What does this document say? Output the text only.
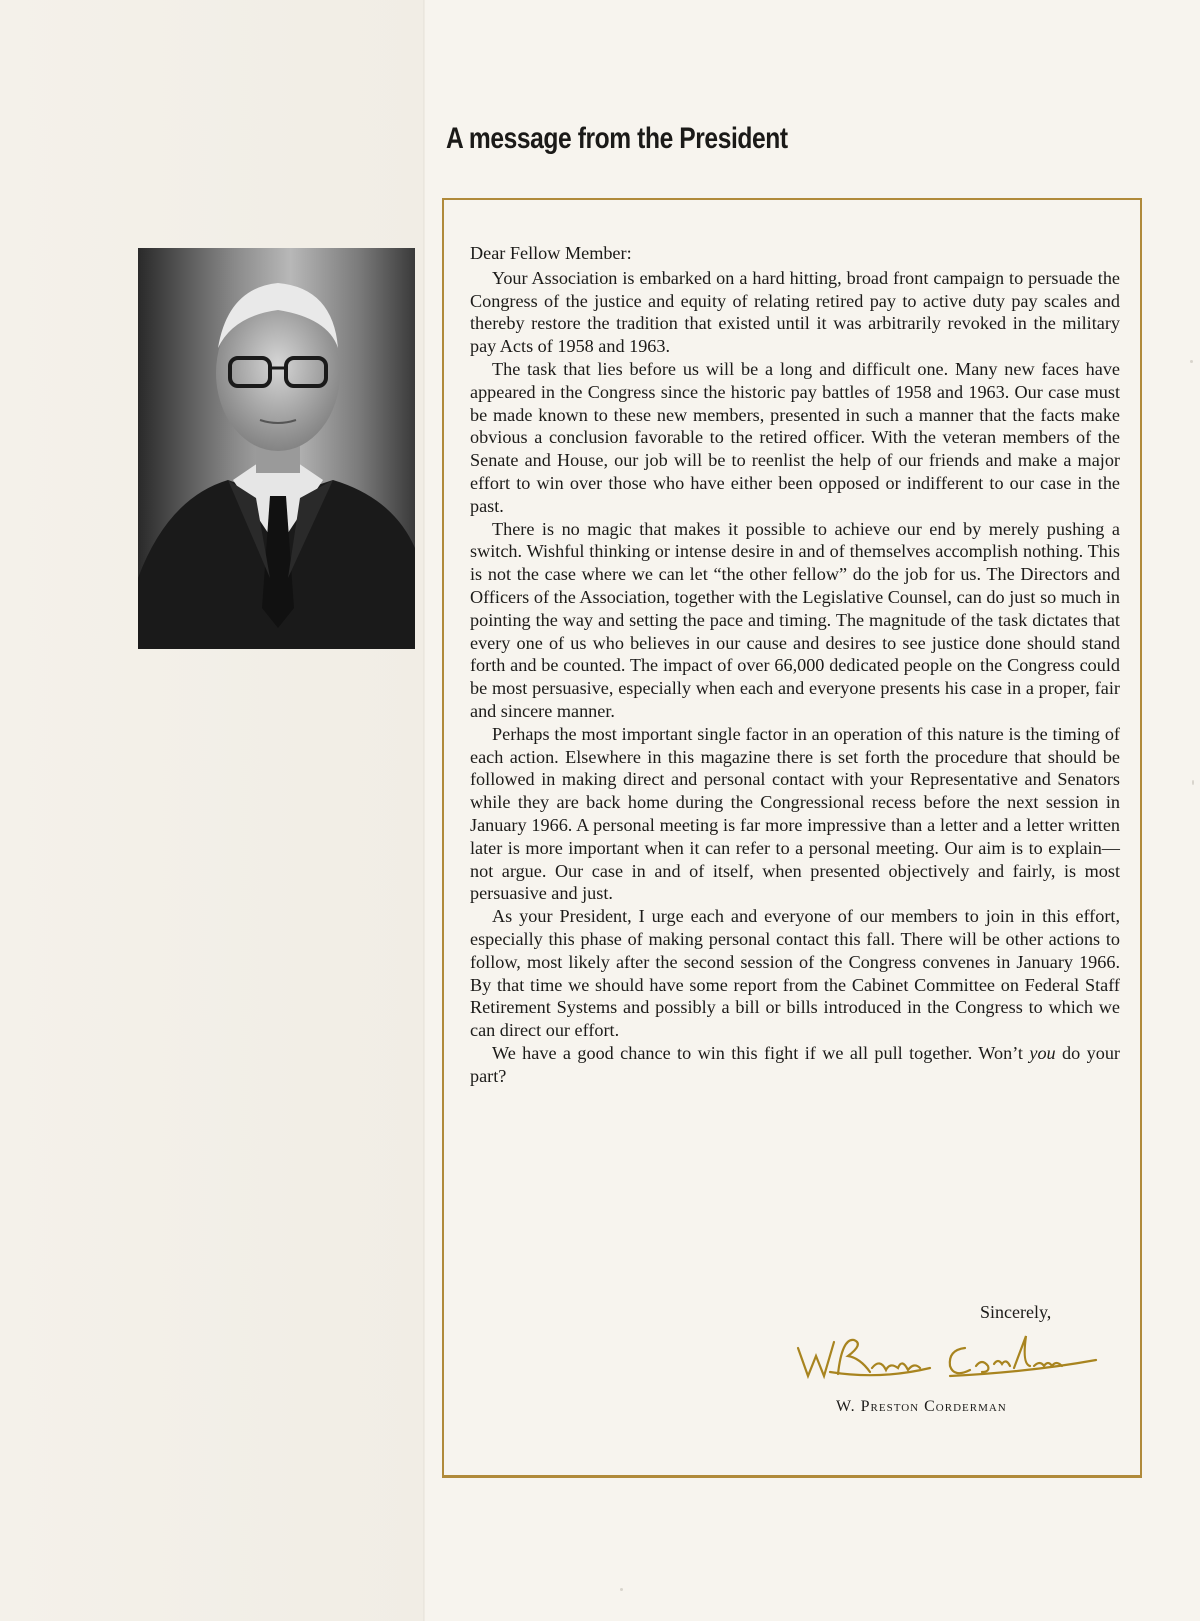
A message from the President

Dear Fellow Member:

Your Association is embarked on a hard hitting, broad front campaign to persuade the Congress of the justice and equity of relating retired pay to active duty pay scales and thereby restore the tradition that existed until it was arbitrarily revoked in the military pay Acts of 1958 and 1963.

The task that lies before us will be a long and difficult one. Many new faces have appeared in the Congress since the historic pay battles of 1958 and 1963. Our case must be made known to these new members, presented in such a manner that the facts make obvious a conclusion favorable to the retired officer. With the veteran members of the Senate and House, our job will be to reenlist the help of our friends and make a major effort to win over those who have either been opposed or indifferent to our case in the past.

There is no magic that makes it possible to achieve our end by merely pushing a switch. Wishful thinking or intense desire in and of themselves accomplish nothing. This is not the case where we can let “the other fellow” do the job for us. The Directors and Officers of the Association, together with the Legislative Counsel, can do just so much in pointing the way and setting the pace and timing. The magnitude of the task dictates that every one of us who believes in our cause and desires to see justice done should stand forth and be counted. The impact of over 66,000 dedicated people on the Congress could be most persuasive, especially when each and everyone presents his case in a proper, fair and sincere manner.

Perhaps the most important single factor in an operation of this nature is the timing of each action. Elsewhere in this magazine there is set forth the procedure that should be followed in making direct and personal contact with your Representative and Senators while they are back home during the Congressional recess before the next session in January 1966. A personal meeting is far more impressive than a letter and a letter written later is more important when it can refer to a personal meeting. Our aim is to explain—not argue. Our case in and of itself, when presented objectively and fairly, is most persuasive and just.

As your President, I urge each and everyone of our members to join in this effort, especially this phase of making personal contact this fall. There will be other actions to follow, most likely after the second session of the Congress convenes in January 1966. By that time we should have some report from the Cabinet Committee on Federal Staff Retirement Systems and possibly a bill or bills introduced in the Congress to which we can direct our effort.

We have a good chance to win this fight if we all pull together. Won’t you do your part?

Sincerely,
W. Preston Corderman
